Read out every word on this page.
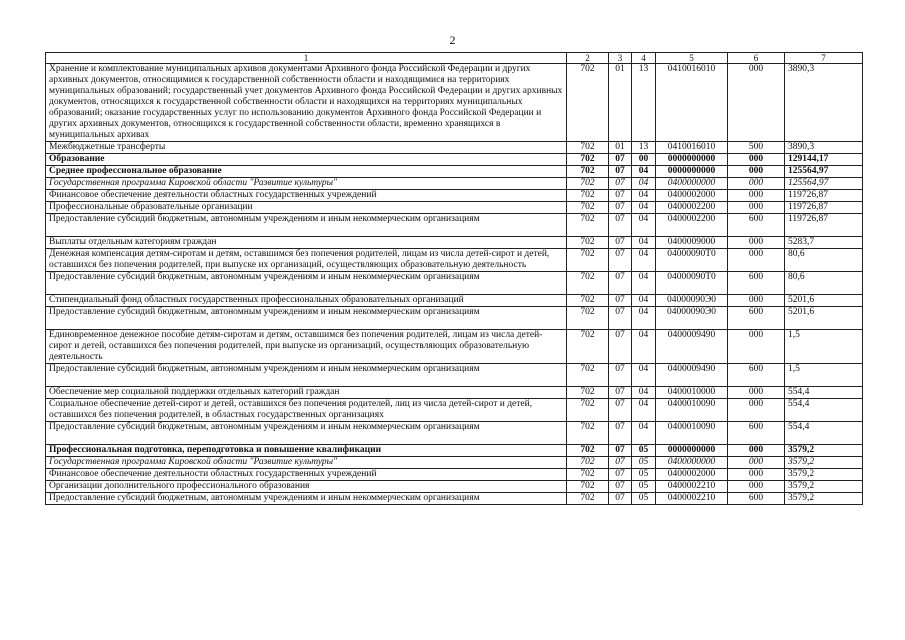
2
1	2	3	4	5	6	7
Хранение и комплектование муниципальных архивов документами Архивного фонда Российской Федерации и других архивных документов, относящимися к государственной собственности области и находящимися на территориях муниципальных образований; государственный учет документов Архивного фонда Российской Федерации и других архивных документов, относящихся к государственной собственности области и находящихся на территориях муниципальных образований; оказание государственных услуг по использованию документов Архивного фонда Российской Федерации и других архивных документов, относящихся к государственной собственности области, временно хранящихся в муниципальных архивах	702	01	13	0410016010	000	3890,3
Межбюджетные трансферты	702	01	13	0410016010	500	3890,3
Образование	702	07	00	0000000000	000	129144,17
Среднее профессиональное образование	702	07	04	0000000000	000	125564,97
Государственная программа Кировской области "Развитие культуры"	702	07	04	0400000000	000	125564,97
Финансовое обеспечение деятельности областных государственных учреждений	702	07	04	0400002000	000	119726,87
Профессиональные образовательные организации	702	07	04	0400002200	000	119726,87
Предоставление субсидий бюджетным, автономным учреждениям и иным некоммерческим организациям	702	07	04	0400002200	600	119726,87
Выплаты отдельным категориям граждан	702	07	04	0400009000	000	5283,7
Денежная компенсация детям-сиротам и детям, оставшимся без попечения родителей, лицам из числа детей-сирот и детей, оставшихся без попечения родителей, при выпуске их организаций, осуществляющих образовательную деятельность	702	07	04	04000090Т0	000	80,6
Предоставление субсидий бюджетным, автономным учреждениям и иным некоммерческим организациям	702	07	04	04000090Т0	600	80,6
Стипендиальный фонд областных государственных профессиональных образовательных организаций	702	07	04	04000090Э0	000	5201,6
Предоставление субсидий бюджетным, автономным учреждениям и иным некоммерческим организациям	702	07	04	04000090Э0	600	5201,6
Единовременное денежное пособие детям-сиротам и детям, оставшимся без попечения родителей, лицам из числа детей-сирот и детей, оставшихся без попечения родителей, при выпуске из организаций, осуществляющих образовательную деятельность	702	07	04	0400009490	000	1,5
Предоставление субсидий бюджетным, автономным учреждениям и иным некоммерческим организациям	702	07	04	0400009490	600	1,5
Обеспечение мер социальной поддержки отдельных категорий граждан	702	07	04	0400010000	000	554,4
Социальное обеспечение детей-сирот и детей, оставшихся без попечения родителей, лиц из числа детей-сирот и детей, оставшихся без попечения родителей, в областных государственных организациях	702	07	04	0400010090	000	554,4
Предоставление субсидий бюджетным, автономным учреждениям и иным некоммерческим организациям	702	07	04	0400010090	600	554,4
Профессиональная подготовка, переподготовка и повышение квалификации	702	07	05	0000000000	000	3579,2
Государственная программа Кировской области "Развитие культуры"	702	07	05	0400000000	000	3579,2
Финансовое обеспечение деятельности областных государственных учреждений	702	07	05	0400002000	000	3579,2
Организации дополнительного профессионального образования	702	07	05	0400002210	000	3579,2
Предоставление субсидий бюджетным, автономным учреждениям и иным некоммерческим организациям	702	07	05	0400002210	600	3579,2
